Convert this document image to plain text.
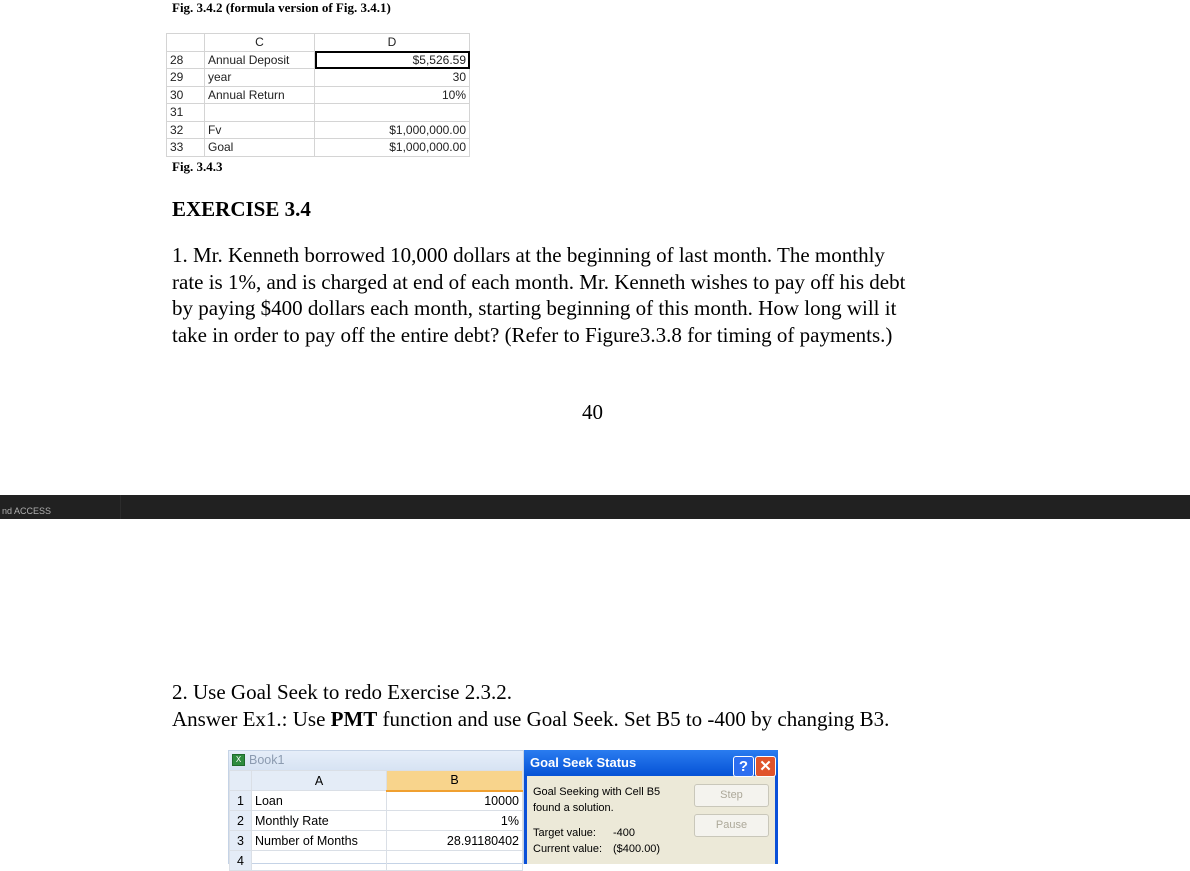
Fig. 3.4.2 (formula version of Fig. 3.4.1)
	C	D
28	Annual Deposit	$5,526.59
29	year	30
30	Annual Return	10%
31		
32	Fv	$1,000,000.00
33	Goal	$1,000,000.00
Fig. 3.4.3
EXERCISE 3.4
1. Mr. Kenneth borrowed 10,000 dollars at the beginning of last month. The monthly
rate is 1%, and is charged at end of each month. Mr. Kenneth wishes to pay off his debt
by paying $400 dollars each month, starting beginning of this month. How long will it
take in order to pay off the entire debt? (Refer to Figure3.3.8 for timing of payments.)
40
nd ACCESS
2. Use Goal Seek to redo Exercise 2.3.2.
Answer Ex1.: Use PMT function and use Goal Seek. Set B5 to -400 by changing B3.
X Book1
	A	B
1	Loan	10000
2	Monthly Rate	1%
3	Number of Months	28.91180402
4		
Goal Seek Status	? ✕
Goal Seeking with Cell B5
found a solution.
Target value: -400
Current value: ($400.00)
Step
Pause
